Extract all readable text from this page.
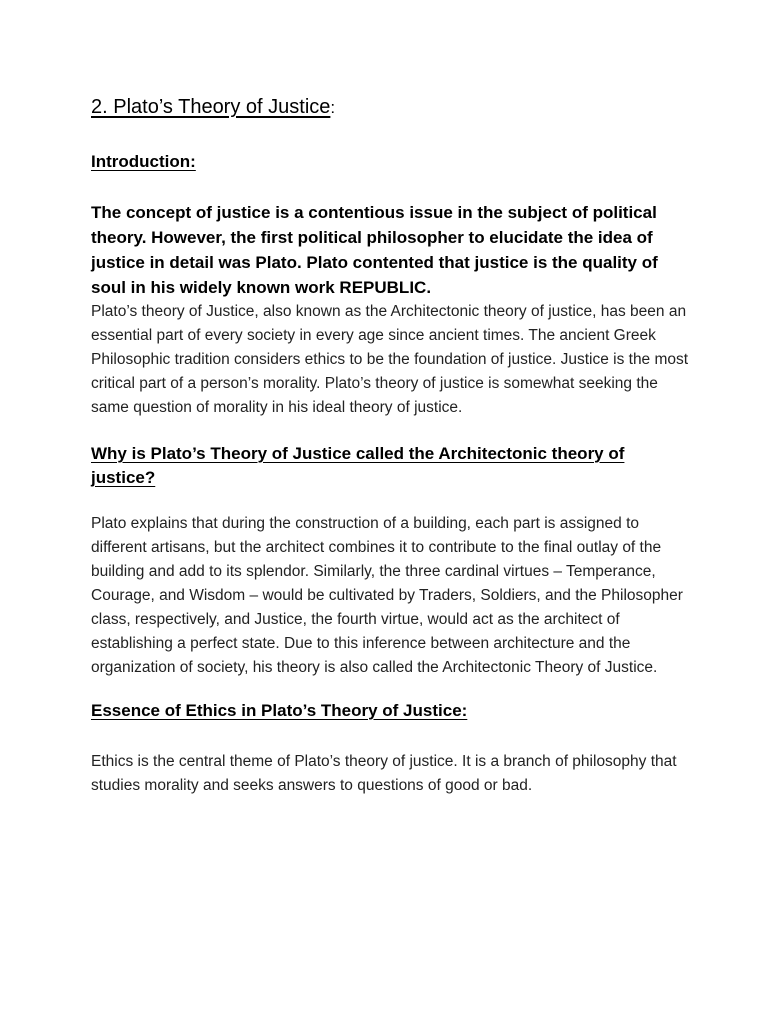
2. Plato’s Theory of Justice:
Introduction:

The concept of justice is a contentious issue in the subject of political theory. However, the first political philosopher to elucidate the idea of justice in detail was Plato. Plato contented that justice is the quality of soul in his widely known work REPUBLIC.

Plato’s theory of Justice, also known as the Architectonic theory of justice, has been an essential part of every society in every age since ancient times. The ancient Greek Philosophic tradition considers ethics to be the foundation of justice. Justice is the most critical part of a person’s morality. Plato’s theory of justice is somewhat seeking the same question of morality in his ideal theory of justice.

Why is Plato’s Theory of Justice called the Architectonic theory of justice?

Plato explains that during the construction of a building, each part is assigned to different artisans, but the architect combines it to contribute to the final outlay of the building and add to its splendor. Similarly, the three cardinal virtues – Temperance, Courage, and Wisdom – would be cultivated by Traders, Soldiers, and the Philosopher class, respectively, and Justice, the fourth virtue, would act as the architect of establishing a perfect state. Due to this inference between architecture and the organization of society, his theory is also called the Architectonic Theory of Justice.

Essence of Ethics in Plato’s Theory of Justice:

Ethics is the central theme of Plato’s theory of justice. It is a branch of philosophy that studies morality and seeks answers to questions of good or bad.
